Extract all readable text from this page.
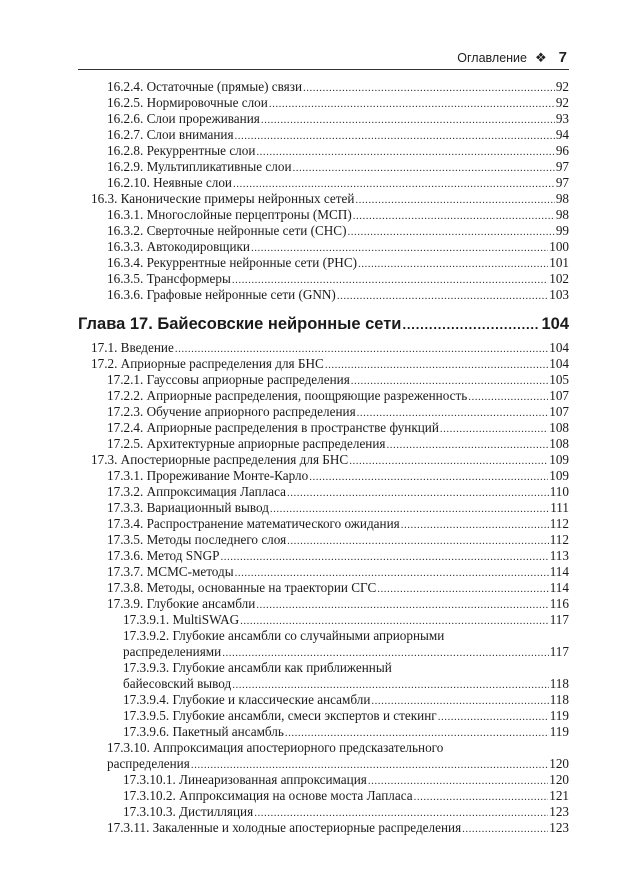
Оглавление ❖ 7
16.2.4. Остаточные (прямые) связи .....	92
16.2.5. Нормировочные слои .....	92
16.2.6. Слои прореживания .....	93
16.2.7. Слои внимания .....	94
16.2.8. Рекуррентные слои .....	96
16.2.9. Мультипликативные слои .....	97
16.2.10. Неявные слои .....	97
16.3. Канонические примеры нейронных сетей .....	98
16.3.1. Многослойные перцептроны (МСП) .....	98
16.3.2. Сверточные нейронные сети (СНС) .....	99
16.3.3. Автокодировщики .....	100
16.3.4. Рекуррентные нейронные сети (РНС) .....	101
16.3.5. Трансформеры .....	102
16.3.6. Графовые нейронные сети (GNN) .....	103
Глава 17. Байесовские нейронные сети .....	104
17.1. Введение .....	104
17.2. Априорные распределения для БНС .....	104
17.2.1. Гауссовы априорные распределения .....	105
17.2.2. Априорные распределения, поощряющие разреженность .....	107
17.2.3. Обучение априорного распределения .....	107
17.2.4. Априорные распределения в пространстве функций .....	108
17.2.5. Архитектурные априорные распределения .....	108
17.3. Апостериорные распределения для БНС .....	109
17.3.1. Прореживание Монте-Карло .....	109
17.3.2. Аппроксимация Лапласа .....	110
17.3.3. Вариационный вывод .....	111
17.3.4. Распространение математического ожидания .....	112
17.3.5. Методы последнего слоя .....	112
17.3.6. Метод SNGP .....	113
17.3.7. MCMC-методы .....	114
17.3.8. Методы, основанные на траектории СГС .....	114
17.3.9. Глубокие ансамбли .....	116
17.3.9.1. MultiSWAG .....	117
17.3.9.2. Глубокие ансамбли со случайными априорными
распределениями .....	117
17.3.9.3. Глубокие ансамбли как приближенный
байесовский вывод .....	118
17.3.9.4. Глубокие и классические ансамбли .....	118
17.3.9.5. Глубокие ансамбли, смеси экспертов и стекинг .....	119
17.3.9.6. Пакетный ансамбль .....	119
17.3.10. Аппроксимация апостериорного предсказательного
распределения .....	120
17.3.10.1. Линеаризованная аппроксимация .....	120
17.3.10.2. Аппроксимация на основе моста Лапласа .....	121
17.3.10.3. Дистилляция .....	123
17.3.11. Закаленные и холодные апостериорные распределения .....	123
